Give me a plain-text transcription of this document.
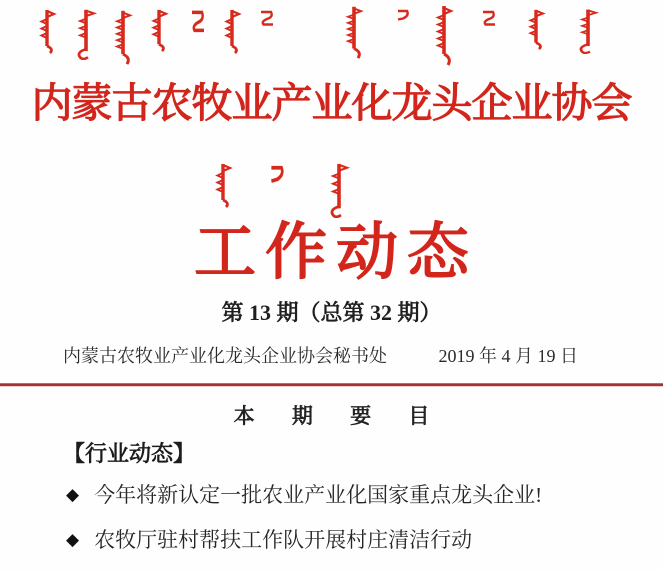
内蒙古农牧业产业化龙头企业协会
工作动态
第 13 期（总第 32 期）
内蒙古农牧业产业化龙头企业协会秘书处	2019 年 4 月 19 日
本 期 要 目
【行业动态】
◆ 今年将新认定一批农业产业化国家重点龙头企业!
◆ 农牧厅驻村帮扶工作队开展村庄清洁行动
